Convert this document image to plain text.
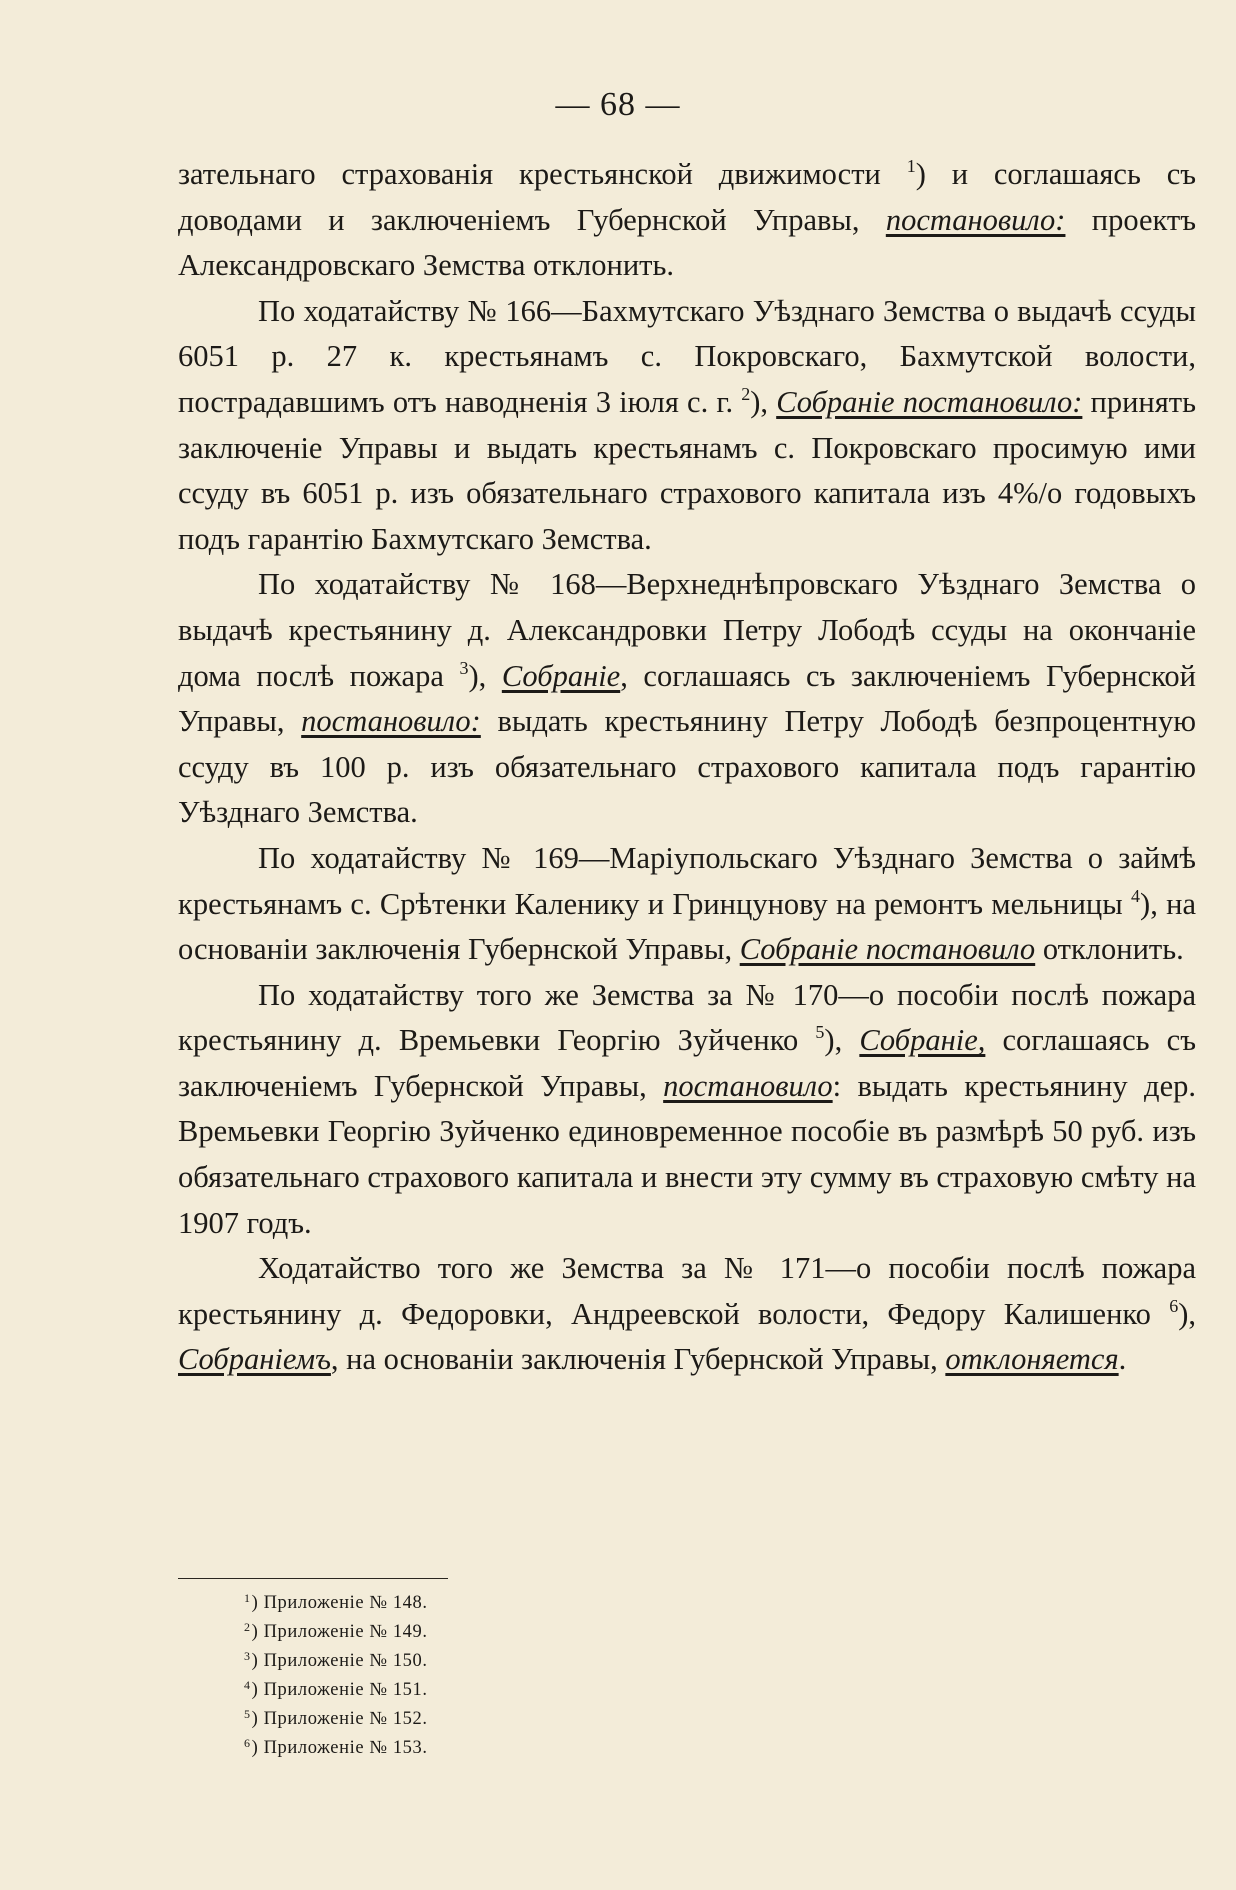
— 68 —

зательнаго страхованія крестьянской движимости $^1$) и соглашаясь съ доводами и заключеніемъ Губернской Управы, постановило: проектъ Александровскаго Земства отклонить.

По ходатайству № 166—Бахмутскаго Уѣзднаго Земства о выдачѣ ссуды 6051 р. 27 к. крестьянамъ с. Покровскаго, Бахмутской волости, пострадавшимъ отъ наводненія 3 іюля с. г. $^2$), Собраніе постановило: принять заключеніе Управы и выдать крестьянамъ с. Покровскаго просимую ими ссуду въ 6051 р. изъ обязательнаго страхового капитала изъ 4%/о годовыхъ подъ гарантію Бахмутскаго Земства.

По ходатайству № 168—Верхнеднѣпровскаго Уѣзднаго Земства о выдачѣ крестьянину д. Александровки Петру Лободѣ ссуды на окончаніе дома послѣ пожара $^3$), Собраніе, соглашаясь съ заключеніемъ Губернской Управы, постановило: выдать крестьянину Петру Лободѣ безпроцентную ссуду въ 100 р. изъ обязательнаго страхового капитала подъ гарантію Уѣзднаго Земства.

По ходатайству № 169—Маріупольскаго Уѣзднаго Земства о займѣ крестьянамъ с. Срѣтенки Каленику и Гринцунову на ремонтъ мельницы $^4$), на основаніи заключенія Губернской Управы, Собраніе постановило отклонить.

По ходатайству того же Земства за № 170—о пособіи послѣ пожара крестьянину д. Времьевки Георгію Зуйченко $^5$), Собраніе, соглашаясь съ заключеніемъ Губернской Управы, постановило: выдать крестьянину дер. Времьевки Георгію Зуйченко единовременное пособіе въ размѣрѣ 50 руб. изъ обязательнаго страхового капитала и внести эту сумму въ страховую смѣту на 1907 годъ.

Ходатайство того же Земства за № 171—о пособіи послѣ пожара крестьянину д. Федоровки, Андреевской волости, Федору Калишенко $^6$), Собраніемъ, на основаніи заключенія Губернской Управы, отклоняется.

$^1$) Приложеніе № 148.
$^2$) Приложеніе № 149.
$^3$) Приложеніе № 150.
$^4$) Приложеніе № 151.
$^5$) Приложеніе № 152.
$^6$) Приложеніе № 153.
